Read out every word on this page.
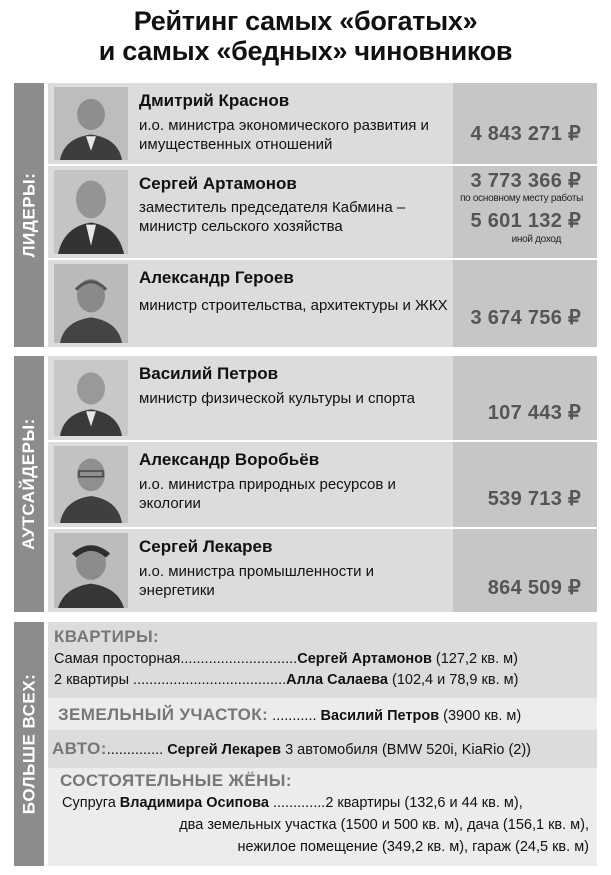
Рейтинг самых «богатых»
и самых «бедных» чиновников
ЛИДЕРЫ:
АУТСАЙДЕРЫ:
БОЛЬШЕ ВСЕХ:
Дмитрий Краснов
и.о. министра экономического развития и имущественных отношений	4 843 271 ₽
Сергей Артамонов
заместитель председателя Кабмина – министр сельского хозяйства
3 773 366 ₽
по основному месту работы
5 601 132 ₽
иной доход
Александр Героев
министр строительства, архитектуры и ЖКХ
3 674 756 ₽
Василий Петров
министр физической культуры и спорта
107 443 ₽
Александр Воробьёв
и.о. министра природных ресурсов и экологии	539 713 ₽
Сергей Лекарев
и.о. министра промышленности и энергетики	864 509 ₽
КВАРТИРЫ:
Самая просторная.............................Сергей Артамонов (127,2 кв. м)
2 квартиры ......................................Алла Салаева (102,4 и 78,9 кв. м)
ЗЕМЕЛЬНЫЙ УЧАСТОК: ........... Василий Петров (3900 кв. м)
АВТО:.............. Сергей Лекарев 3 автомобиля (BMW 520i, KiaRio (2))
СОСТОЯТЕЛЬНЫЕ ЖЁНЫ:
Супруга Владимира Осипова .............2 квартиры (132,6 и 44 кв. м),
два земельных участка (1500 и 500 кв. м), дача (156,1 кв. м),
нежилое помещение (349,2 кв. м), гараж (24,5 кв. м)
